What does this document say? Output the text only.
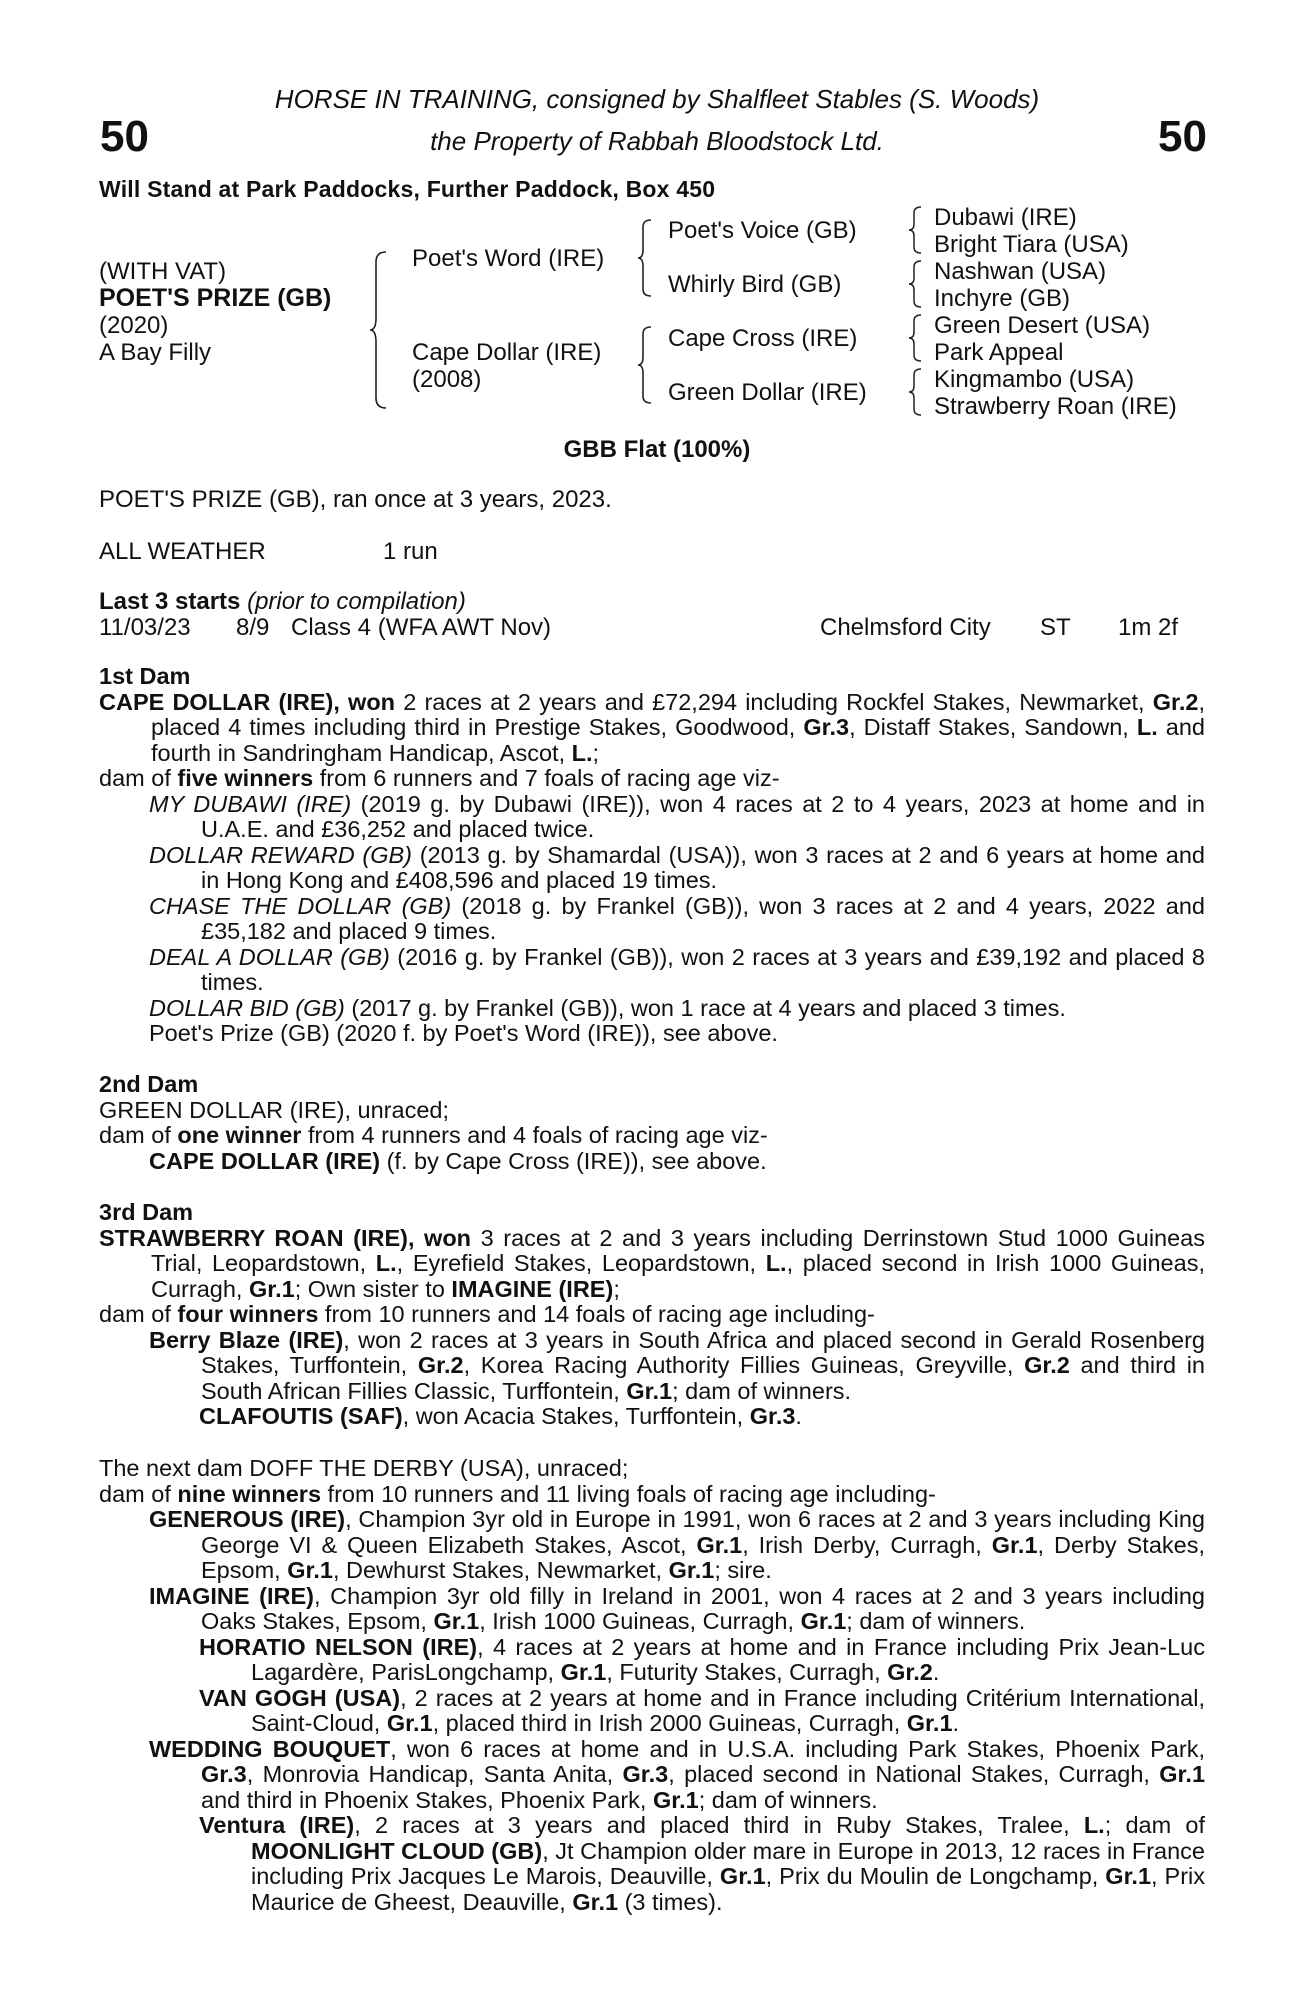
50	50
HORSE IN TRAINING, consigned by Shalfleet Stables (S. Woods)
the Property of Rabbah Bloodstock Ltd.
Will Stand at Park Paddocks, Further Paddock, Box 450
(WITH VAT)
POET'S PRIZE (GB)
(2020)
A Bay Filly
Poet's Word (IRE)
Cape Dollar (IRE)
(2008)
Poet's Voice (GB)
Whirly Bird (GB)
Cape Cross (IRE)
Green Dollar (IRE)
Dubawi (IRE)
Bright Tiara (USA)
Nashwan (USA)
Inchyre (GB)
Green Desert (USA)
Park Appeal
Kingmambo (USA)
Strawberry Roan (IRE)
GBB Flat (100%)
POET'S PRIZE (GB), ran once at 3 years, 2023.
ALL WEATHER	1 run
Last 3 starts (prior to compilation)
11/03/23 8/9 Class 4 (WFA AWT Nov)	Chelmsford City ST 1m 2f

1st Dam

CAPE DOLLAR (IRE), won 2 races at 2 years and £72,294 including Rockfel Stakes, Newmarket, Gr.2, placed 4 times including third in Prestige Stakes, Goodwood, Gr.3, Distaff Stakes, Sandown, L. and fourth in Sandringham Handicap, Ascot, L.;

dam of five winners from 6 runners and 7 foals of racing age viz-

MY DUBAWI (IRE) (2019 g. by Dubawi (IRE)), won 4 races at 2 to 4 years, 2023 at home and in U.A.E. and £36,252 and placed twice.

DOLLAR REWARD (GB) (2013 g. by Shamardal (USA)), won 3 races at 2 and 6 years at home and in Hong Kong and £408,596 and placed 19 times.

CHASE THE DOLLAR (GB) (2018 g. by Frankel (GB)), won 3 races at 2 and 4 years, 2022 and £35,182 and placed 9 times.

DEAL A DOLLAR (GB) (2016 g. by Frankel (GB)), won 2 races at 3 years and £39,192 and placed 8 times.

DOLLAR BID (GB) (2017 g. by Frankel (GB)), won 1 race at 4 years and placed 3 times.

Poet's Prize (GB) (2020 f. by Poet's Word (IRE)), see above.

2nd Dam

GREEN DOLLAR (IRE), unraced;

dam of one winner from 4 runners and 4 foals of racing age viz-

CAPE DOLLAR (IRE) (f. by Cape Cross (IRE)), see above.

3rd Dam

STRAWBERRY ROAN (IRE), won 3 races at 2 and 3 years including Derrinstown Stud 1000 Guineas Trial, Leopardstown, L., Eyrefield Stakes, Leopardstown, L., placed second in Irish 1000 Guineas, Curragh, Gr.1; Own sister to IMAGINE (IRE);

dam of four winners from 10 runners and 14 foals of racing age including-

Berry Blaze (IRE), won 2 races at 3 years in South Africa and placed second in Gerald Rosenberg Stakes, Turffontein, Gr.2, Korea Racing Authority Fillies Guineas, Greyville, Gr.2 and third in South African Fillies Classic, Turffontein, Gr.1; dam of winners.

CLAFOUTIS (SAF), won Acacia Stakes, Turffontein, Gr.3.

The next dam DOFF THE DERBY (USA), unraced;

dam of nine winners from 10 runners and 11 living foals of racing age including-

GENEROUS (IRE), Champion 3yr old in Europe in 1991, won 6 races at 2 and 3 years including King George VI & Queen Elizabeth Stakes, Ascot, Gr.1, Irish Derby, Curragh, Gr.1, Derby Stakes, Epsom, Gr.1, Dewhurst Stakes, Newmarket, Gr.1; sire.

IMAGINE (IRE), Champion 3yr old filly in Ireland in 2001, won 4 races at 2 and 3 years including Oaks Stakes, Epsom, Gr.1, Irish 1000 Guineas, Curragh, Gr.1; dam of winners.

HORATIO NELSON (IRE), 4 races at 2 years at home and in France including Prix Jean-Luc Lagardère, ParisLongchamp, Gr.1, Futurity Stakes, Curragh, Gr.2.

VAN GOGH (USA), 2 races at 2 years at home and in France including Critérium International, Saint-Cloud, Gr.1, placed third in Irish 2000 Guineas, Curragh, Gr.1.

WEDDING BOUQUET, won 6 races at home and in U.S.A. including Park Stakes, Phoenix Park, Gr.3, Monrovia Handicap, Santa Anita, Gr.3, placed second in National Stakes, Curragh, Gr.1 and third in Phoenix Stakes, Phoenix Park, Gr.1; dam of winners.

Ventura (IRE), 2 races at 3 years and placed third in Ruby Stakes, Tralee, L.; dam of MOONLIGHT CLOUD (GB), Jt Champion older mare in Europe in 2013, 12 races in France including Prix Jacques Le Marois, Deauville, Gr.1, Prix du Moulin de Longchamp, Gr.1, Prix Maurice de Gheest, Deauville, Gr.1 (3 times).
